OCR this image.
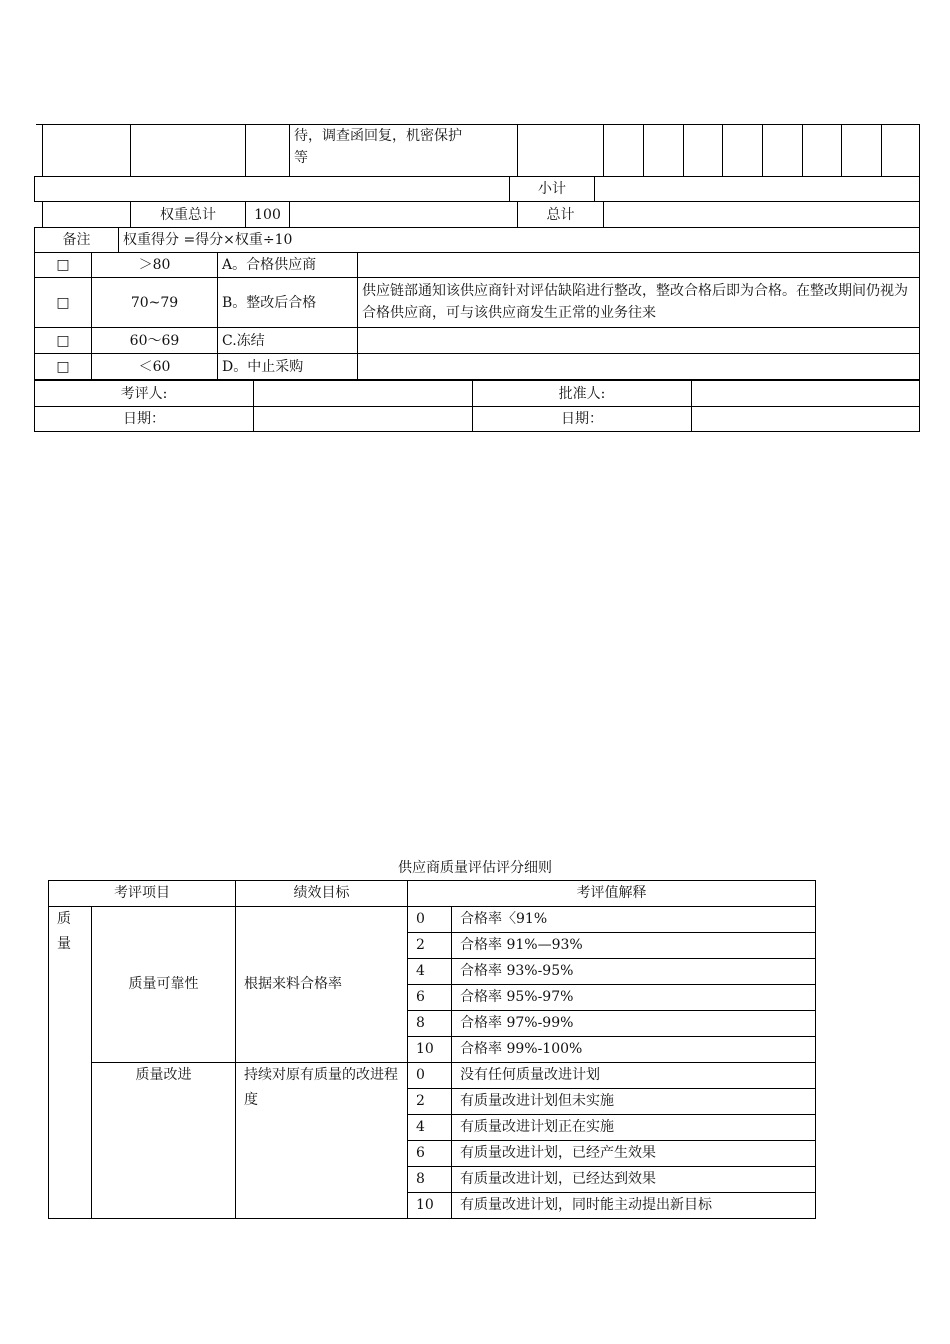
待，调查函回复，机密保护
等

	小计	
	权重总计	100		总计	
备注		权重得分 =得分×权重÷10		
□	＞80		A。合格供应商	
□	70~79		B。整改后合格	供应链部通知该供应商针对评估缺陷进行整改，整改合格后即为合格。在整改期间仍视为合格供应商，可与该供应商发生正常的业务往来
□	60～69		C.冻结	
□	＜60		D。中止采购	
考评人:		批准人:	
日期：		日期：	
供应商质量评估评分细则
考评项目		绩效目标	考评值解释	

质
量	质量可靠性	根据来料合格率	0	合格率〈91%
			2	合格率 91%—93%
			4	合格率 93%-95%
			6	合格率 95%-97%
			8	合格率 97%-99%
			10	合格率 99%-100%
	质量改进	持续对原有质量的改进程度	0	没有任何质量改进计划
			2	有质量改进计划但未实施
			4	有质量改进计划正在实施
			6	有质量改进计划，已经产生效果
			8	有质量改进计划，已经达到效果
			10	有质量改进计划，同时能主动提出新目标
